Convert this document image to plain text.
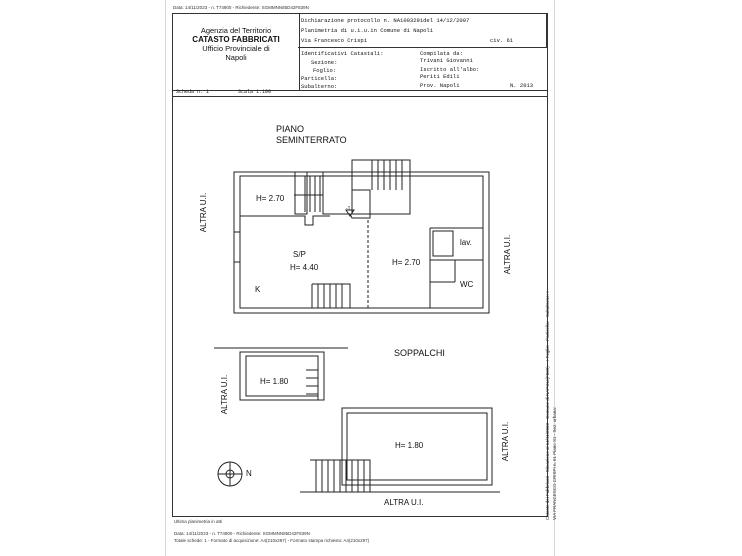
Data: 14/11/2023 - n. T74900 - Richiedente: SGMMNN85D42F839N
Agenzia del Territorio
CATASTO FABBRICATI
Ufficio Provinciale di
Napoli
Dichiarazione protocollo n. NA1003291del 14/12/2007
Planimetria di u.i.u.in Comune di Napoli
Via Francesco Crispi	civ. 61
Identificativi Catastali:
Sezione:
Foglio:
Particella:
Subalterno:
Compilata da:
Trivani Giovanni
Iscritto all'albo:
Periti Edili
Prov. Napoli	N. 2013
Scheda n. 1	Scala 1:100
PIANO
SEMINTERRATO
SOPPALCHI
H= 2.70
S/P
H= 4.40
K
H= 2.70
lav.
WC
H= 1.80
H= 1.80
-1
ALTRA U.I.
ALTRA U.I.
ALTRA U.I.
ALTRA U.I.
ALTRA U.I.
N
Ultima planimetria in atti
Data: 14/11/2023 - n. T74900 - Richiedente: SGMMNN85D42F839N
Totale schede: 1 - Formato di acquisizione: A4(210x297) - Formato stampa richiesto: A4(210x297)
Catasto dei Fabbricati - Situazione al 14/11/2023 - Comune di NAPOLI(F839) - < Foglio: - Particella: - Subalterno: > VIA FRANCESCO CRISPI n. 61 Piano S1 - Sez. urbana:
